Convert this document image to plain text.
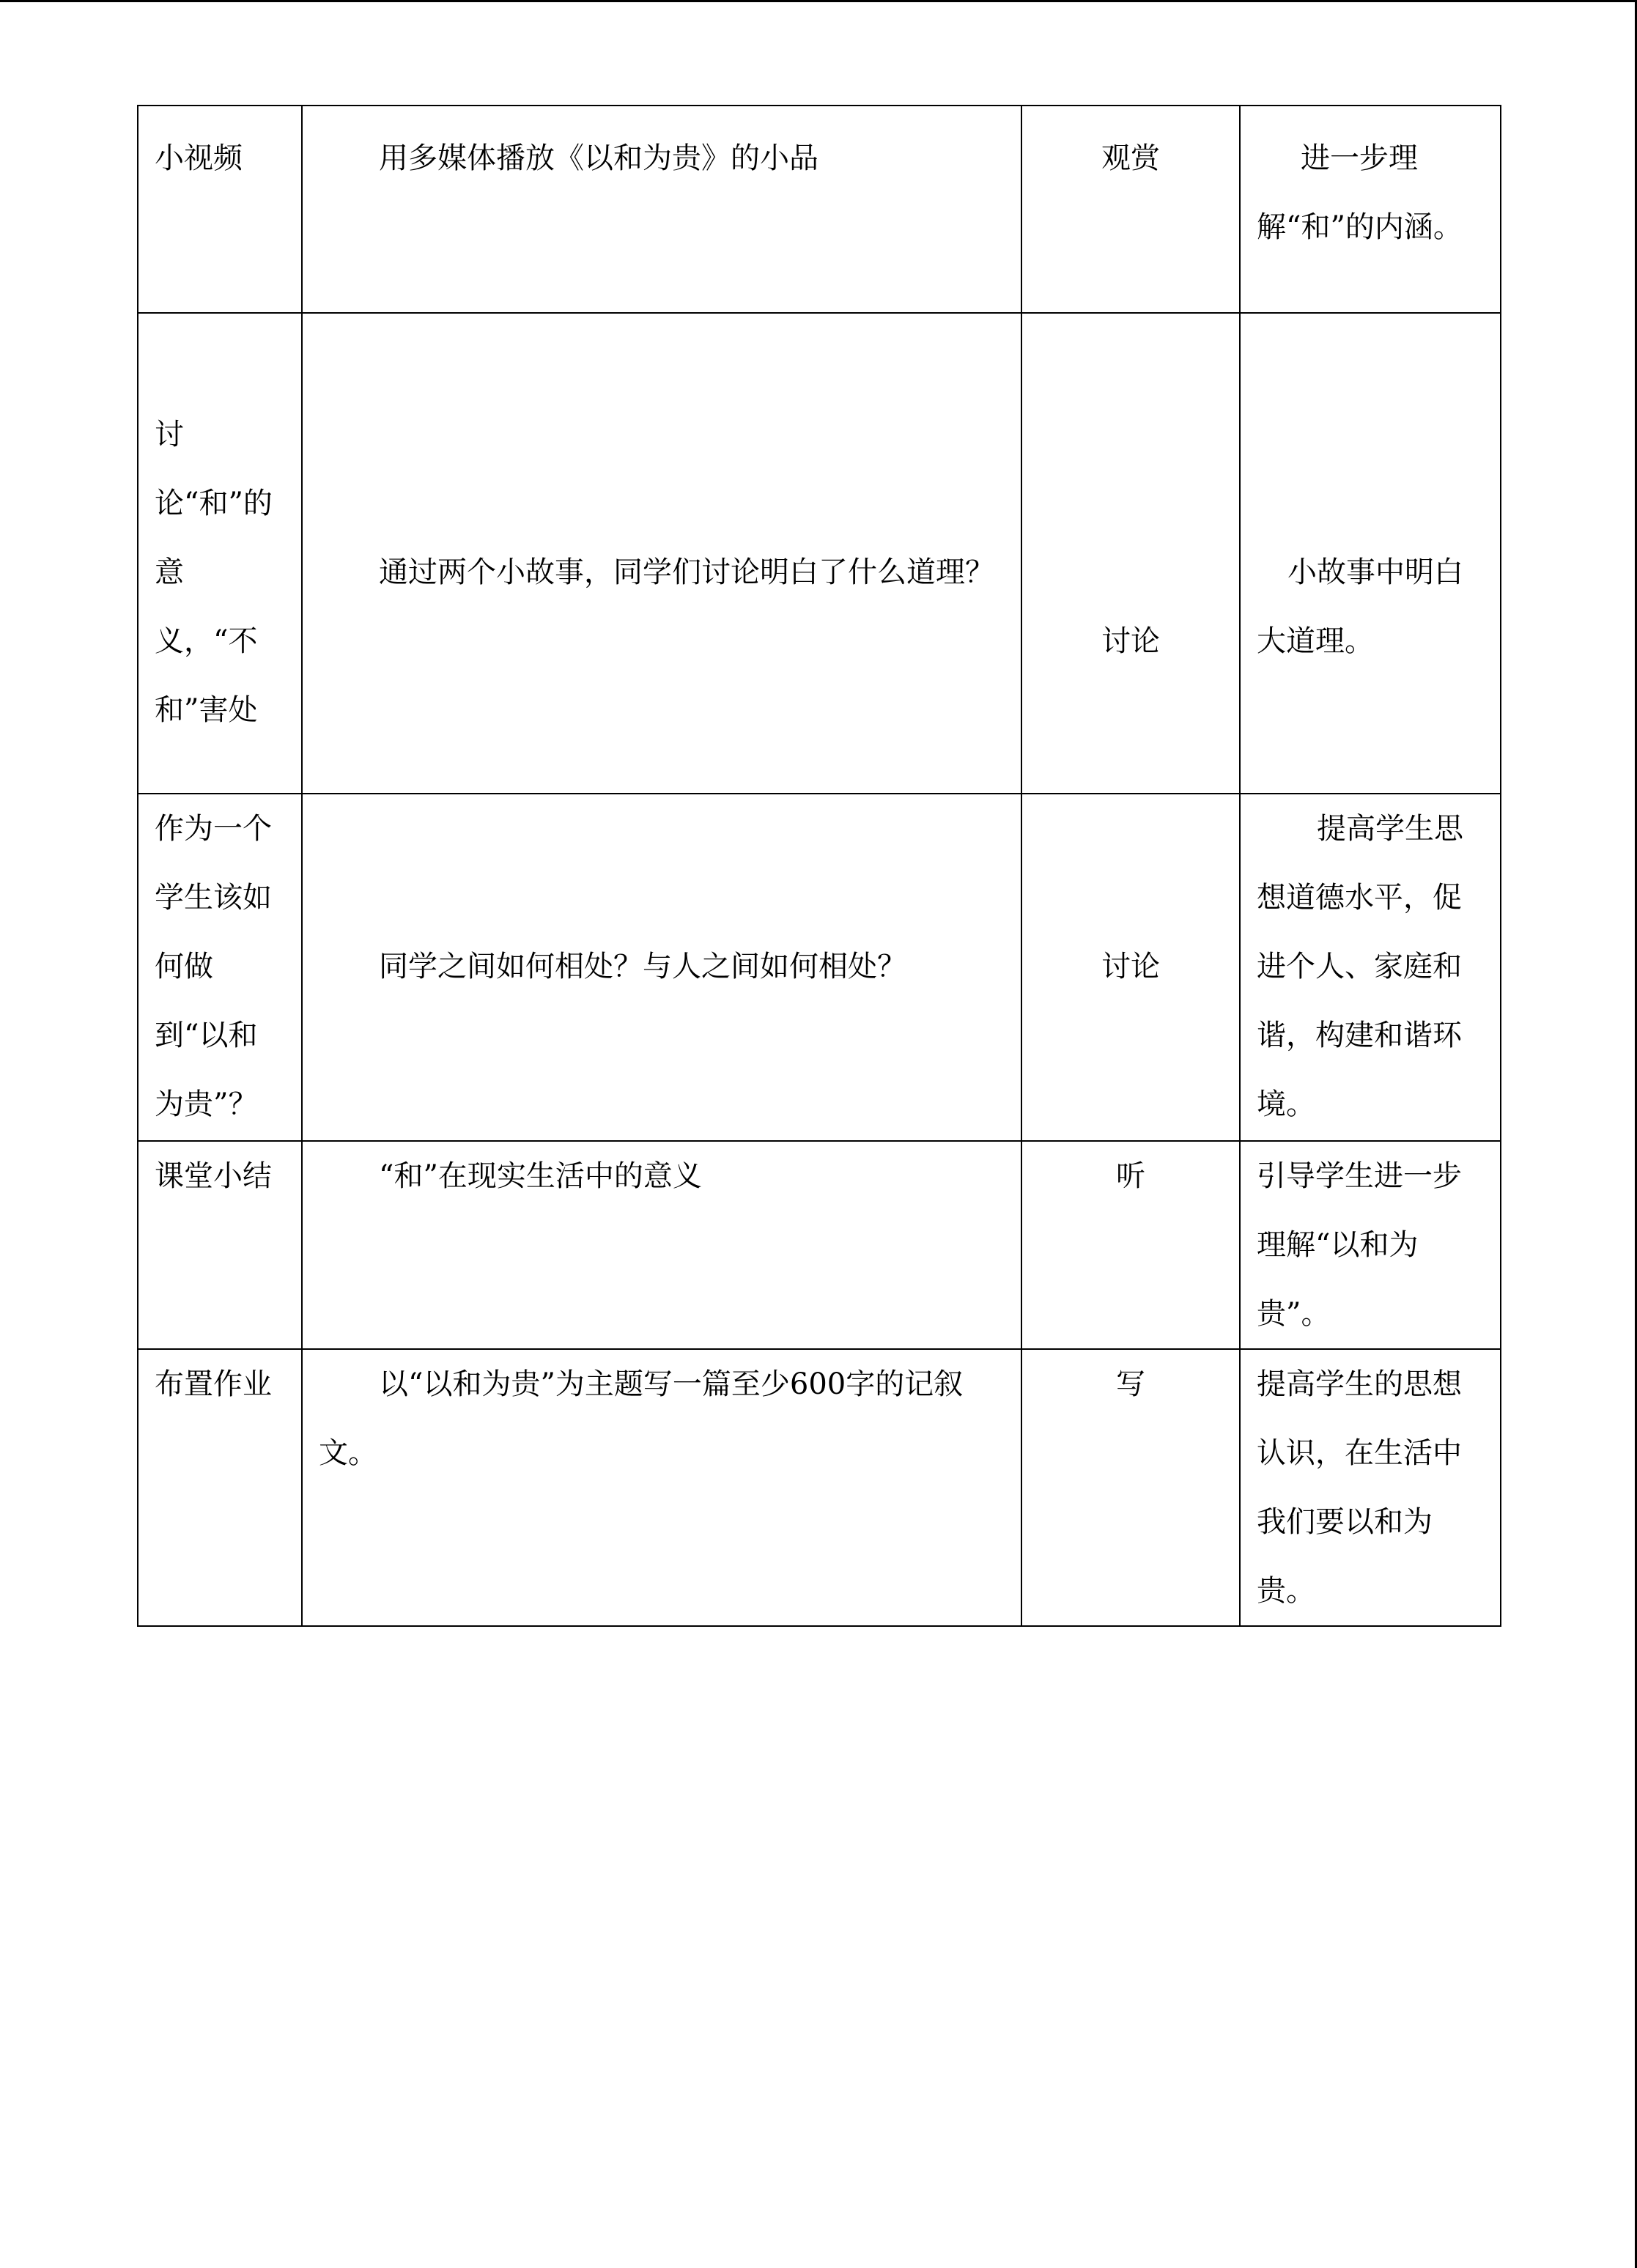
小视频	用多媒体播放《以和为贵》的小品	观赏	进一步理解“和”的内涵。

讨论“和”的意义，“不和”害处	通过两个小故事，同学们讨论明白了什么道理？	讨论	小故事中明白大道理。

作为一个学生该如何做到“以和为贵”？	同学之间如何相处？与人之间如何相处？	讨论	提高学生思想道德水平，促进个人、家庭和谐，构建和谐环境。

课堂小结	“和”在现实生活中的意义	听	引导学生进一步理解“以和为贵”。
布置作业	以“以和为贵”为主题写一篇至少600字的记叙文。	写	提高学生的思想认识，在生活中我们要以和为贵。
